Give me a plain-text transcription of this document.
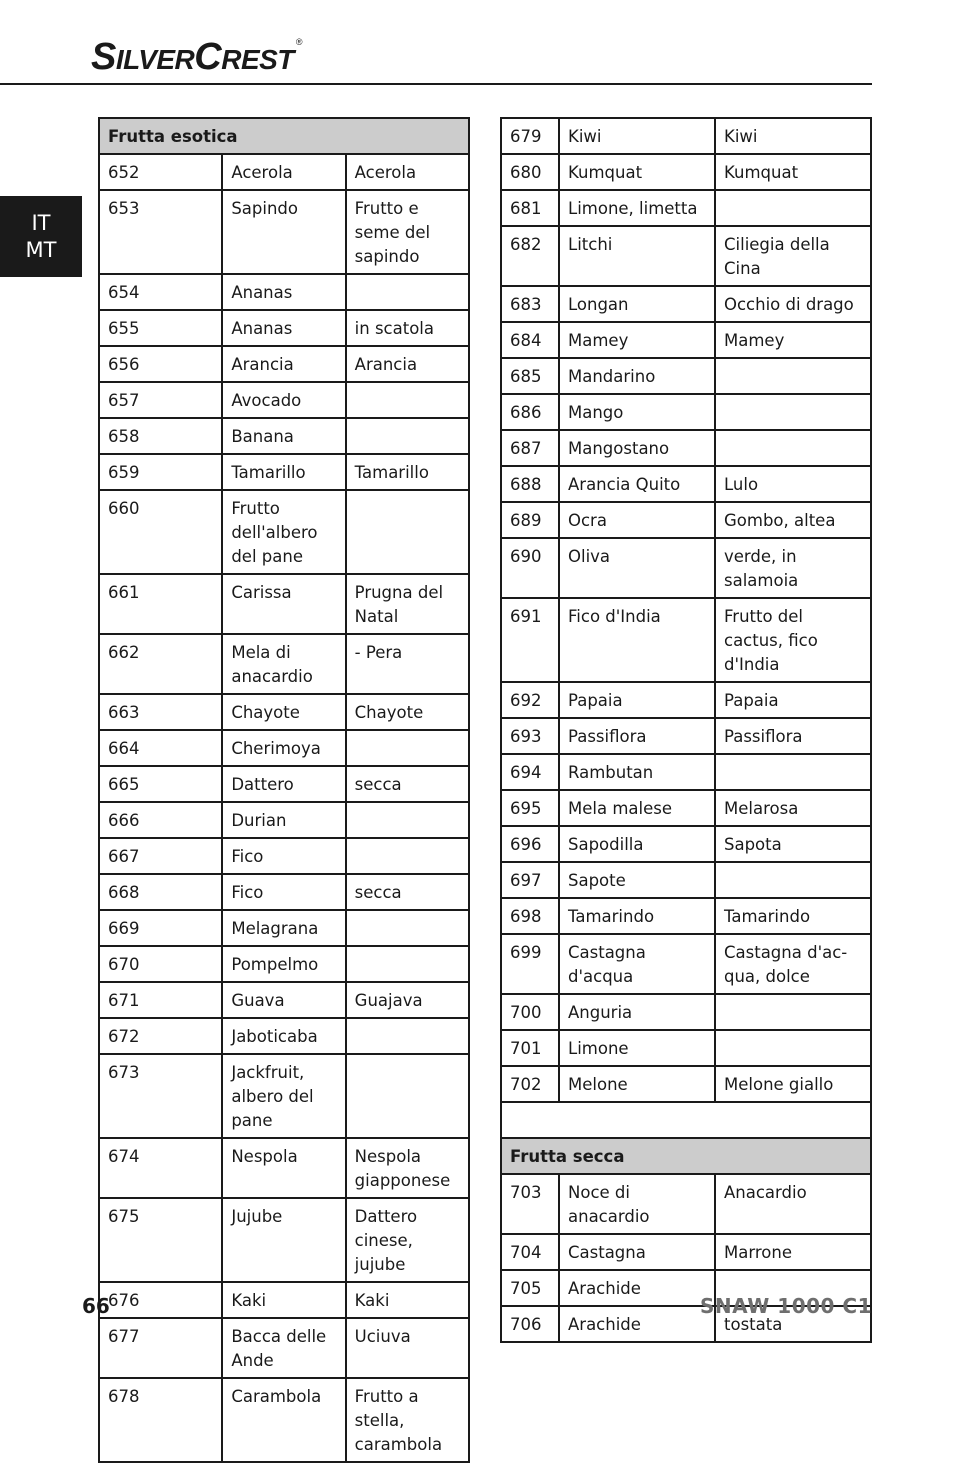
SILVERCREST®
IT
MT
Frutta esotica		
652	Acerola	Acerola
653	Sapindo	Frutto e seme del sapindo
654	Ananas	
655	Ananas	in scatola
656	Arancia	Arancia
657	Avocado	
658	Banana	
659	Tamarillo	Tamarillo
660	Frutto dell'albero del pane	
661	Carissa	Prugna del Natal
662	Mela di anacardio	- Pera
663	Chayote	Chayote
664	Cherimoya	
665	Dattero	secca
666	Durian	
667	Fico	
668	Fico	secca
669	Melagrana	
670	Pompelmo	
671	Guava	Guajava
672	Jaboticaba	
673	Jackfruit, albero del pane	
674	Nespola	Nespola giapponese
675	Jujube	Dattero cinese, jujube
676	Kaki	Kaki
677	Bacca delle Ande	Uciuva
678	Carambola	Frutto a stella, carambola
679	Kiwi	Kiwi
680	Kumquat	Kumquat
681	Limone, limetta	
682	Litchi	Ciliegia della Cina
683	Longan	Occhio di drago
684	Mamey	Mamey
685	Mandarino	
686	Mango	
687	Mangostano	
688	Arancia Quito	Lulo
689	Ocra	Gombo, altea
690	Oliva	verde, in salamoia
691	Fico d'India	Frutto del cactus, fico d'India
692	Papaia	Papaia
693	Passiflora	Passiflora
694	Rambutan	
695	Mela malese	Melarosa
696	Sapodilla	Sapota
697	Sapote	
698	Tamarindo	Tamarindo
699	Castagna d'acqua	Castagna d'ac-qua, dolce
700	Anguria	
701	Limone	
702	Melone	Melone giallo

Frutta secca		
703	Noce di anacardio	Anacardio
704	Castagna	Marrone
705	Arachide	
706	Arachide	tostata
66	SNAW 1000 C1
